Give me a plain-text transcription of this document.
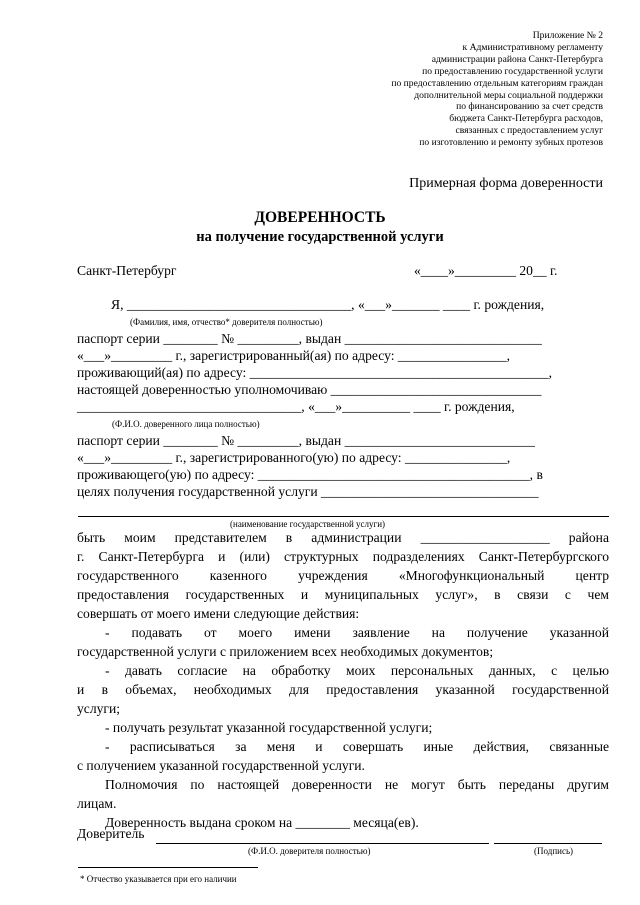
Приложение № 2
к Административному регламенту
администрации района Санкт-Петербурга
по предоставлению государственной услуги
по предоставлению отдельным категориям граждан
дополнительной меры социальной поддержки
по финансированию за счет средств
бюджета Санкт-Петербурга расходов,
связанных с предоставлением услуг
по изготовлению и ремонту зубных протезов
Примерная форма доверенности
ДОВЕРЕННОСТЬ
на получение государственной услуги
Санкт-Петербург	«____»_________ 20__ г.
Я, _________________________________, «___»_______ ____ г. рождения,
(Фамилия, имя, отчество* доверителя полностью)
паспорт серии ________ № _________, выдан _____________________________
«___»_________ г., зарегистрированный(ая) по адресу: ________________,
проживающий(ая) по адресу: ____________________________________________,
настоящей доверенностью уполномочиваю _______________________________
_________________________________, «___»__________ ____ г. рождения,
(Ф.И.О. доверенного лица полностью)
паспорт серии ________ № _________, выдан ____________________________
«___»_________ г., зарегистрированного(ую) по адресу: _______________,
проживающего(ую) по адресу: ________________________________________, в
целях получения государственной услуги ________________________________
(наименование государственной услуги)
быть моим представителем в администрации ___________________ района
г. Санкт-Петербурга и (или) структурных подразделениях Санкт-Петербургского
государственного казенного учреждения «Многофункциональный центр
предоставления государственных и муниципальных услуг», в связи с чем
совершать от моего имени следующие действия:
- подавать от моего имени заявление на получение указанной
государственной услуги с приложением всех необходимых документов;
- давать согласие на обработку моих персональных данных, с целью
и в объемах, необходимых для предоставления указанной государственной
услуги;
- получать результат указанной государственной услуги;
- расписываться за меня и совершать иные действия, связанные
с получением указанной государственной услуги.
Полномочия по настоящей доверенности не могут быть переданы другим
лицам.
Доверенность выдана сроком на ________ месяца(ев).
Доверитель
(Ф.И.О. доверителя полностью)	(Подпись)
* Отчество указывается при его наличии
